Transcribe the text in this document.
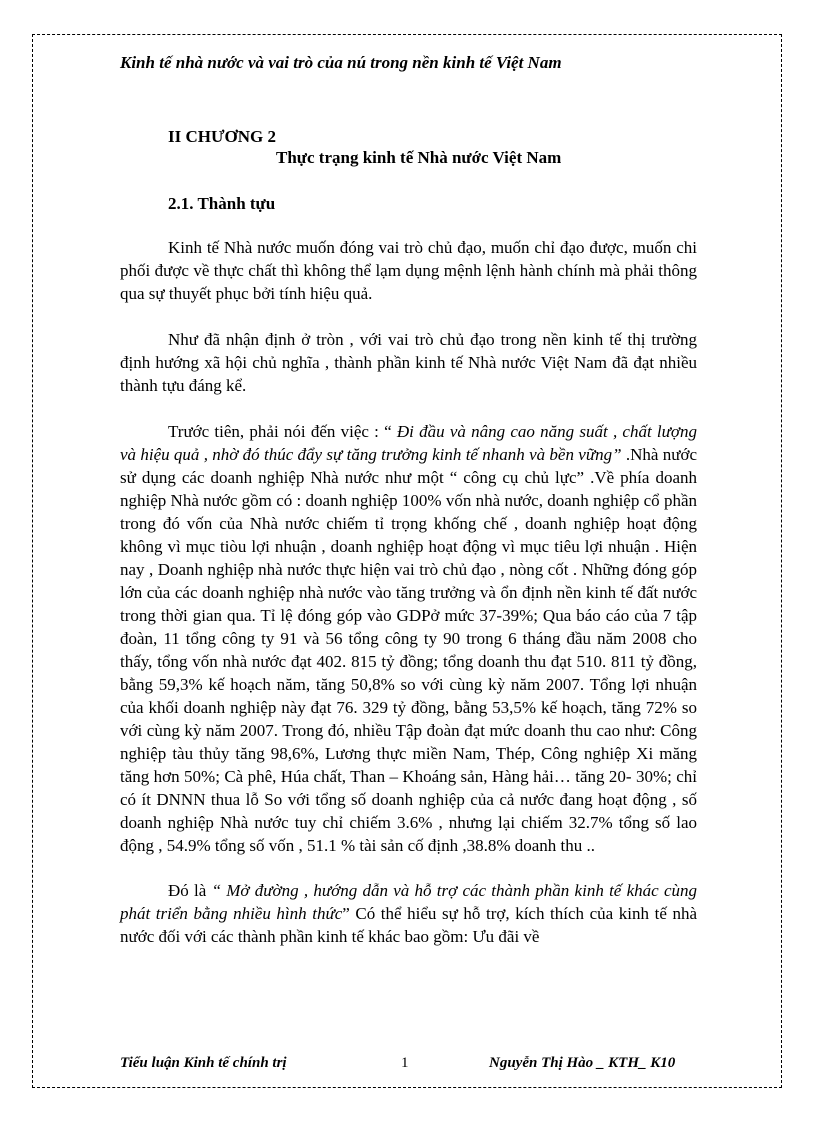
Kinh tế nhà nước và vai trò của nú trong nền kinh tế Việt Nam
II CHƯƠNG 2
Thực trạng kinh tế Nhà nước Việt Nam
2.1. Thành tựu

Kinh tế Nhà nước muốn đóng vai trò chủ đạo, muốn chỉ đạo được, muốn chi phối được về thực chất thì không thể lạm dụng mệnh lệnh hành chính mà phải thông qua sự thuyết phục bởi tính hiệu quả.

Như đã nhận định ở tròn , với vai trò chủ đạo trong nền kinh tế thị trường định hướng xã hội chủ nghĩa , thành phần kinh tế Nhà nước Việt Nam đã đạt nhiều thành tựu đáng kể.

Trước tiên, phải nói đến việc : “ Đi đầu và nâng cao năng suất , chất lượng và hiệu quả , nhờ đó thúc đẩy sự tăng trưởng kinh tế nhanh và bền vững” .Nhà nước sử dụng các doanh nghiệp Nhà nước như một “ công cụ chủ lực” .Về phía doanh nghiệp Nhà nước gồm có : doanh nghiệp 100% vốn nhà nước, doanh nghiệp cổ phần trong đó vốn của Nhà nước chiếm tỉ trọng khống chế , doanh nghiệp hoạt động không vì mục tiòu lợi nhuận , doanh nghiệp hoạt động vì mục tiêu lợi nhuận . Hiện nay , Doanh nghiệp nhà nước thực hiện vai trò chủ đạo , nòng cốt . Những đóng góp lớn của các doanh nghiệp nhà nước vào tăng trưởng và ổn định nền kinh tế đất nước trong thời gian qua. Tỉ lệ đóng góp vào GDPở mức 37-39%; Qua báo cáo của 7 tập đoàn, 11 tổng công ty 91 và 56 tổng công ty 90 trong 6 tháng đầu năm 2008 cho thấy, tổng vốn nhà nước đạt 402. 815 tỷ đồng; tổng doanh thu đạt 510. 811 tỷ đồng, bằng 59,3% kế hoạch năm, tăng 50,8% so với cùng kỳ năm 2007. Tổng lợi nhuận của khối doanh nghiệp này đạt 76. 329 tỷ đồng, bằng 53,5% kế hoạch, tăng 72% so với cùng kỳ năm 2007. Trong đó, nhiều Tập đoàn đạt mức doanh thu cao như: Công nghiệp tàu thủy tăng 98,6%, Lương thực miền Nam, Thép, Công nghiệp Xi măng tăng hơn 50%; Cà phê, Húa chất, Than – Khoáng sản, Hàng hải… tăng 20- 30%; chỉ có ít DNNN thua lỗ So với tổng số doanh nghiệp của cả nước đang hoạt động , số doanh nghiệp Nhà nước tuy chỉ chiếm 3.6% , nhưng lại chiếm 32.7% tổng số lao động , 54.9% tổng số vốn , 51.1 % tài sản cố định ,38.8% doanh thu ..

Đó là “ Mở đường , hướng dẫn và hỗ trợ các thành phần kinh tế khác cùng phát triển bằng nhiều hình thức” Có thể hiểu sự hỗ trợ, kích thích của kinh tế nhà nước đối với các thành phần kinh tế khác bao gồm: Ưu đãi về

Tiểu luận Kinh tế chính trị	1	Nguyễn Thị Hào _ KTH_ K10
